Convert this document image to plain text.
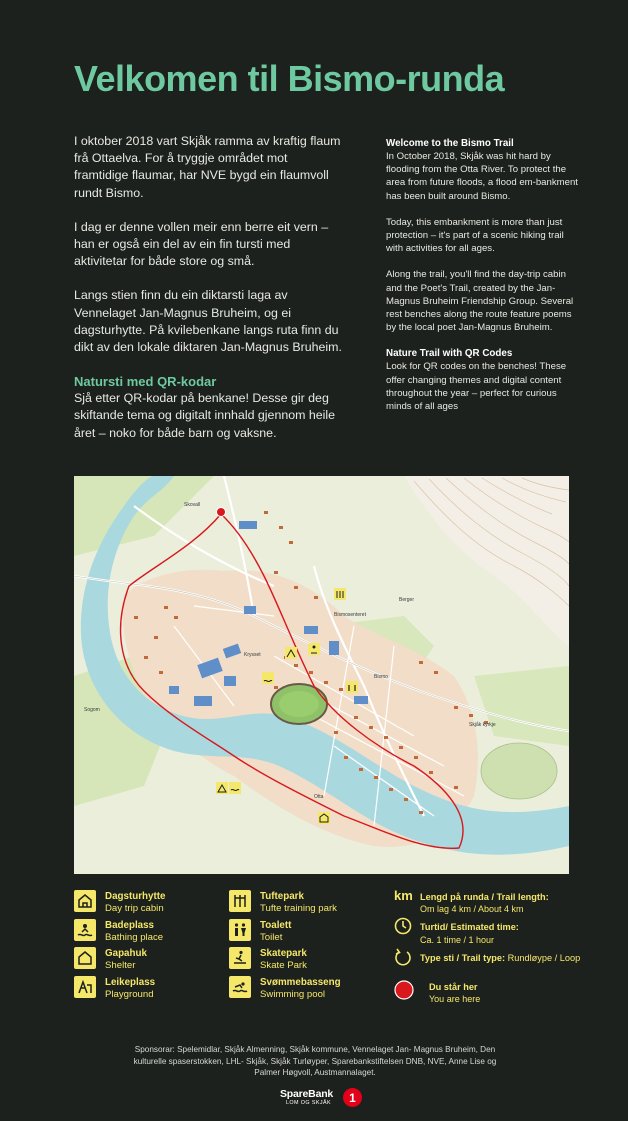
Velkomen til Bismo-runda

I oktober 2018 vart Skjåk ramma av kraftig flaum frå Ottaelva. For å tryggje området mot framtidige flaumar, har NVE bygd ein flaumvoll rundt Bismo.

I dag er denne vollen meir enn berre eit vern – han er også ein del av ein fin tursti med aktivitetar for både store og små.

Langs stien finn du ein diktarsti laga av Vennelaget Jan-Magnus Bruheim, og ei dagsturhytte. På kvilebenkane langs ruta finn du dikt av den lokale diktaren Jan-Magnus Bruheim.

Natursti med QR-kodar

Sjå etter QR-kodar på benkane! Desse gir deg skiftande tema og digitalt innhald gjennom heile året – noko for både barn og vaksne.

Welcome to the Bismo Trail

In October 2018, Skjåk was hit hard by flooding from the Otta River. To protect the area from future floods, a flood em-bankment has been built around Bismo.

Today, this embankment is more than just protection – it's part of a scenic hiking trail with activities for all ages.

Along the trail, you'll find the day-trip cabin and the Poet's Trail, created by the Jan-Magnus Bruheim Friendship Group. Several rest benches along the route feature poems by the local poet Jan-Magnus Bruheim.

Nature Trail with QR Codes

Look for QR codes on the benches! These offer changing themes and digital content throughout the year – perfect for curious minds of all ages

Skovall
Berger
Bismo
Otta
Sogom
Bismosenteret
Krysset
Skjåk kyrkje
Dagsturhytte
Day trip cabin
Badeplass
Bathing place
Gapahuk
Shelter
Leikeplass
Playground
Tuftepark
Tufte training park
Toalett
Toilet
Skatepark
Skate Park
Svømmebasseng
Swimming pool
km Lengd på runda / Trail length:
Om lag 4 km / About 4 km
Turtid/ Estimated time:
Ca. 1 time / 1 hour
Type sti / Trail type: Rundløype / Loop
Du står her
You are here
Sponsorar: Spelemidlar, Skjåk Almenning, Skjåk kommune, Vennelaget Jan- Magnus Bruheim, Den kulturelle spaserstokken, LHL- Skjåk, Skjåk Turløyper, Sparebankstiftelsen DNB, NVE, Anne Lise og Palmer Høgvoll, Austmannalaget.
SpareBank
LOM OG SKJÅK	1
